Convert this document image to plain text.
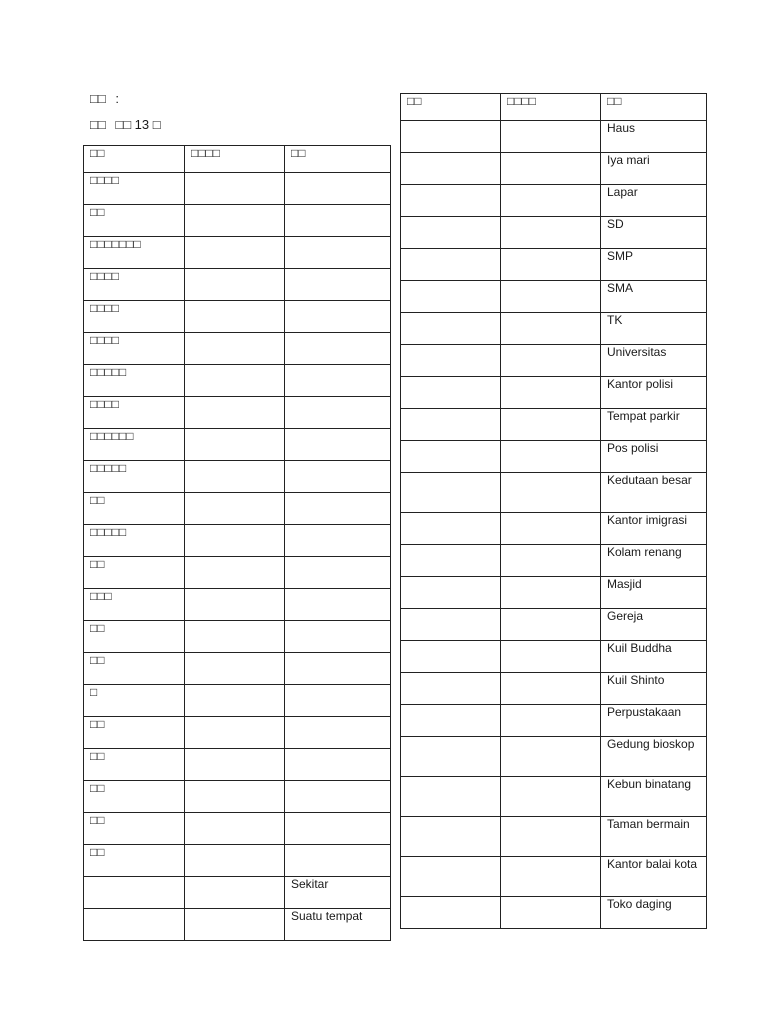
□□ :
□□ □□ 13 □
□□	□□□□	□□
□□□□		
□□		
□□□□□□□		
□□□□		
□□□□		
□□□□		
□□□□□		
□□□□		
□□□□□□		
□□□□□		
□□		
□□□□□		
□□		
□□□		
□□		
□□		
□		
□□		
□□		
□□		
□□		
□□		
		Sekitar
		Suatu tempat
□□	□□□□	□□
		Haus
		Iya mari
		Lapar
		SD
		SMP
		SMA
		TK
		Universitas
		Kantor polisi
		Tempat parkir
		Pos polisi
		Kedutaan besar
		Kantor imigrasi
		Kolam renang
		Masjid
		Gereja
		Kuil Buddha
		Kuil Shinto
		Perpustakaan
		Gedung bioskop
		Kebun binatang
		Taman bermain
		Kantor balai kota
		Toko daging
